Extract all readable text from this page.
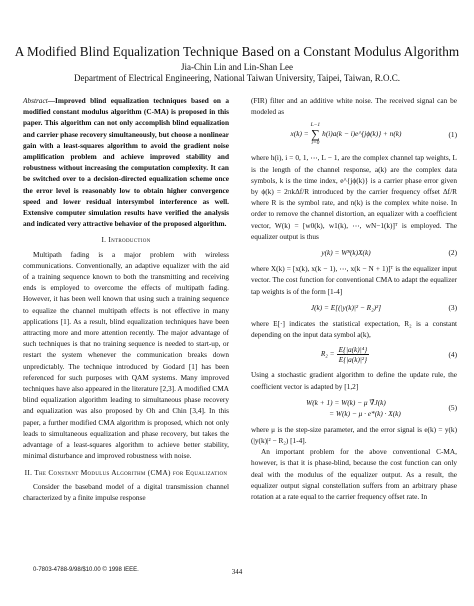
A Modified Blind Equalization Technique Based on a Constant Modulus Algorithm
Jia-Chin Lin and Lin-Shan Lee
Department of Electrical Engineering, National Taiwan University, Taipei, Taiwan, R.O.C.

Abstract—Improved blind equalization techniques based on a modified constant modulus algorithm (C-MA) is proposed in this paper. This algorithm can not only accomplish blind equalization and carrier phase recovery simultaneously, but choose a nonlinear gain with a least-squares algorithm to avoid the gradient noise amplification problem and achieve improved stability and robustness without increasing the computation complexity. It can be switched over to a decision-directed equalization scheme once the error level is reasonably low to obtain higher convergence speed and lower residual intersymbol interference as well. Extensive computer simulation results have verified the analysis and indicated very attractive behavior of the proposed algorithm.

I. Introduction

Multipath fading is a major problem with wireless communications. Conventionally, an adaptive equalizer with the aid of a training sequence known to both the transmitting and receiving ends is employed to overcome the effects of multipath fading. However, it has been well known that using such a training sequence to equalize the channel multipath effects is not effective in many applications [1]. As a result, blind equalization techniques have been attracting more and more attention recently. The major advantage of such techniques is that no training sequence is needed to start-up, or restart the system whenever the communication breaks down unpredictably. The technique introduced by Godard [1] has been referenced for such purposes with QAM systems. Many improved techniques have also appeared in the literature [2,3]. A modified CMA blind equalization algorithm leading to simultaneous phase recovery and equalization was also proposed by Oh and Chin [3,4]. In this paper, a further modified CMA algorithm is proposed, which not only leads to simultaneous equalization and phase recovery, but takes the advantage of a least-squares algorithm to achieve better stability, minimal disturbance and improved robustness with noise.

II. The Constant Modulus Algorithm (CMA) for Equalization

Consider the baseband model of a digital transmission channel characterized by a finite impulse response

(FIR) filter and an additive white noise. The received signal can be modeled as

x(k) =
L−1
∑
i=0
h(i)a(k − i)e^{jϕ(k)} + n(k)	(1)

where h(i), i = 0, 1, ⋯, L − 1, are the complex channel tap weights, L is the length of the channel response, a(k) are the complex data symbols, k is the time index, e^{jϕ(k)} is a carrier phase error given by ϕ(k) = 2πkΔf/R introduced by the carrier frequency offset Δf/R where R is the symbol rate, and n(k) is the complex white noise. In order to remove the channel distortion, an equalizer with a coefficient vector, W(k) = [w0(k), w1(k), ⋯, wN−1(k)]ᵀ is employed. The equalizer output is thus

y(k) = Wᴴ(k)X(k)	(2)

where X(k) = [x(k), x(k − 1), ⋯, x(k − N + 1)]ᵀ is the equalizer input vector. The cost function for conventional CMA to adapt the equalizer tap weights is of the form [1-4]

J(k) = E[(|y(k)|² − R₂)²]	(3)

where E[·] indicates the statistical expectation, R₂ is a constant depending on the input data symbol a(k),

$R_2 = \frac{\text{E\{|a(k)|⁴\}}}{\text{E\{|a(k)|²\}}}$	(4)

Using a stochastic gradient algorithm to define the update rule, the coefficient vector is adapted by [1,2]

W(k + 1) = W(k) − μ ∇̂J(k)
= W(k) − μ · e*(k) · X(k)
(5)

where μ is the step-size parameter, and the error signal is e(k) = y(k)(|y(k)|² − R₂) [1-4].

An important problem for the above conventional C-MA, however, is that it is phase-blind, because the cost function can only deal with the modulus of the equalizer output. As a result, the equalizer output signal constellation suffers from an arbitrary phase rotation at a rate equal to the carrier frequency offset rate. In

0-7803-4788-9/98/$10.00 © 1998 IEEE.	344
